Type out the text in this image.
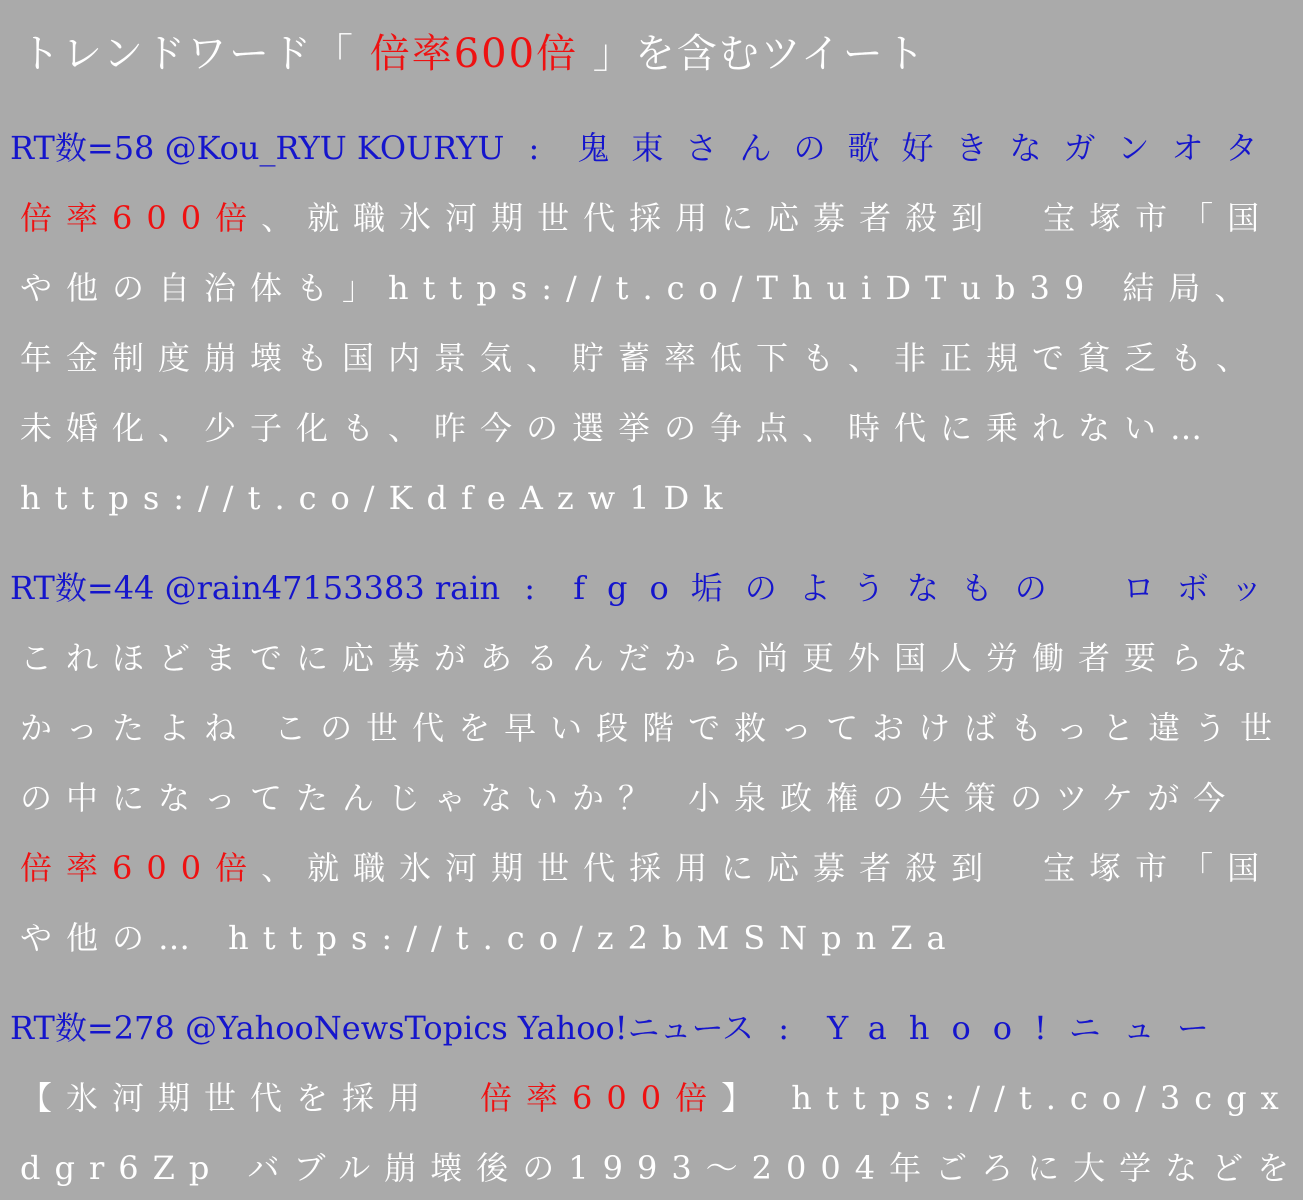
トレンドワード「 倍率600倍 」を含むツイート
RT数=58 @Kou_RYU KOURYU : 鬼束さんの歌好きなガンオタ
倍率600倍、就職氷河期世代採用に応募者殺到　宝塚市「国
や他の自治体も」https://t.co/ThuiDTub39 結局、
年金制度崩壊も国内景気、貯蓄率低下も、非正規で貧乏も、
未婚化、少子化も、昨今の選挙の争点、時代に乗れない…
https://t.co/KdfeAzw1Dk
RT数=44 @rain47153383 rain : fgo垢のようなもの　ロボッ
これほどまでに応募があるんだから尚更外国人労働者要らな
かったよね この世代を早い段階で救っておけばもっと違う世
の中になってたんじゃないか？ 小泉政権の失策のツケが今
倍率600倍、就職氷河期世代採用に応募者殺到　宝塚市「国
や他の… https://t.co/z2bMSNpnZa
RT数=278 @YahooNewsTopics Yahoo!ニュース : Yahoo!ニュー
【氷河期世代を採用　倍率600倍】 https://t.co/3cgx
dgr6Zp バブル崩壊後の1993〜2004年ごろに大学などを
